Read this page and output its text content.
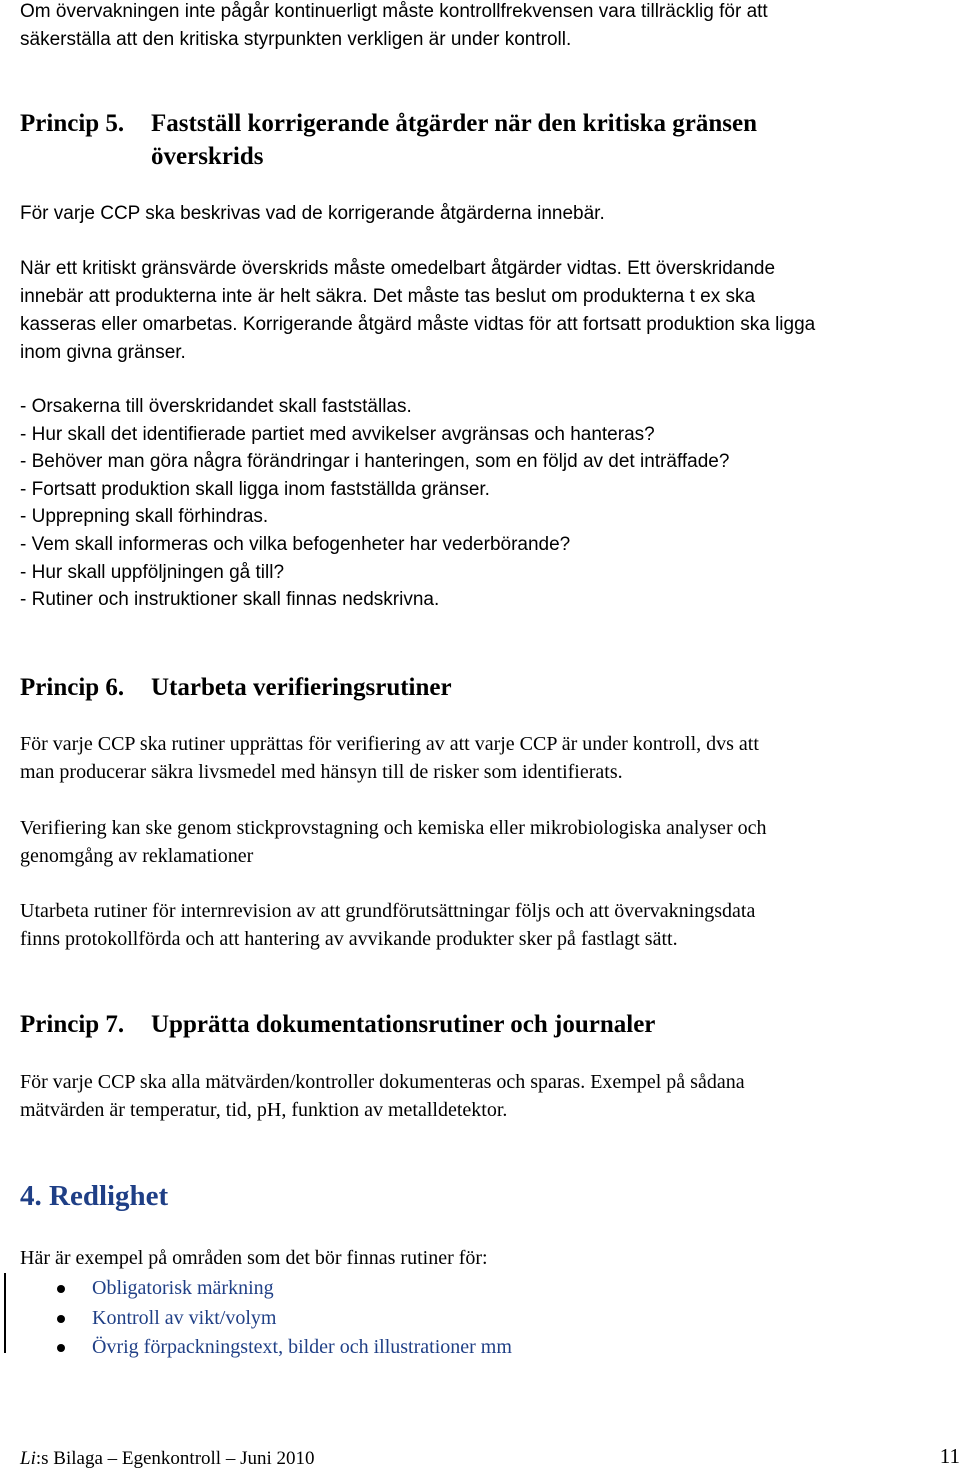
Om övervakningen inte pågår kontinuerligt måste kontrollfrekvensen vara tillräcklig för att
säkerställa att den kritiska styrpunkten verkligen är under kontroll.
Princip 5. Fastställ korrigerande åtgärder när den kritiska gränsen
överskrids
För varje CCP ska beskrivas vad de korrigerande åtgärderna innebär.
När ett kritiskt gränsvärde överskrids måste omedelbart åtgärder vidtas. Ett överskridande
innebär att produkterna inte är helt säkra. Det måste tas beslut om produkterna t ex ska
kasseras eller omarbetas. Korrigerande åtgärd måste vidtas för att fortsatt produktion ska ligga
inom givna gränser.
- Orsakerna till överskridandet skall fastställas.
- Hur skall det identifierade partiet med avvikelser avgränsas och hanteras?
- Behöver man göra några förändringar i hanteringen, som en följd av det inträffade?
- Fortsatt produktion skall ligga inom fastställda gränser.
- Upprepning skall förhindras.
- Vem skall informeras och vilka befogenheter har vederbörande?
- Hur skall uppföljningen gå till?
- Rutiner och instruktioner skall finnas nedskrivna.
Princip 6. Utarbeta verifieringsrutiner
För varje CCP ska rutiner upprättas för verifiering av att varje CCP är under kontroll, dvs att
man producerar säkra livsmedel med hänsyn till de risker som identifierats.
Verifiering kan ske genom stickprovstagning och kemiska eller mikrobiologiska analyser och
genomgång av reklamationer
Utarbeta rutiner för internrevision av att grundförutsättningar följs och att övervakningsdata
finns protokollförda och att hantering av avvikande produkter sker på fastlagt sätt.
Princip 7. Upprätta dokumentationsrutiner och journaler
För varje CCP ska alla mätvärden/kontroller dokumenteras och sparas. Exempel på sådana
mätvärden är temperatur, tid, pH, funktion av metalldetektor.
4. Redlighet
Här är exempel på områden som det bör finnas rutiner för:
Obligatorisk märkning
Kontroll av vikt/volym
Övrig förpackningstext, bilder och illustrationer mm
Li:s Bilaga – Egenkontroll – Juni 2010	11
